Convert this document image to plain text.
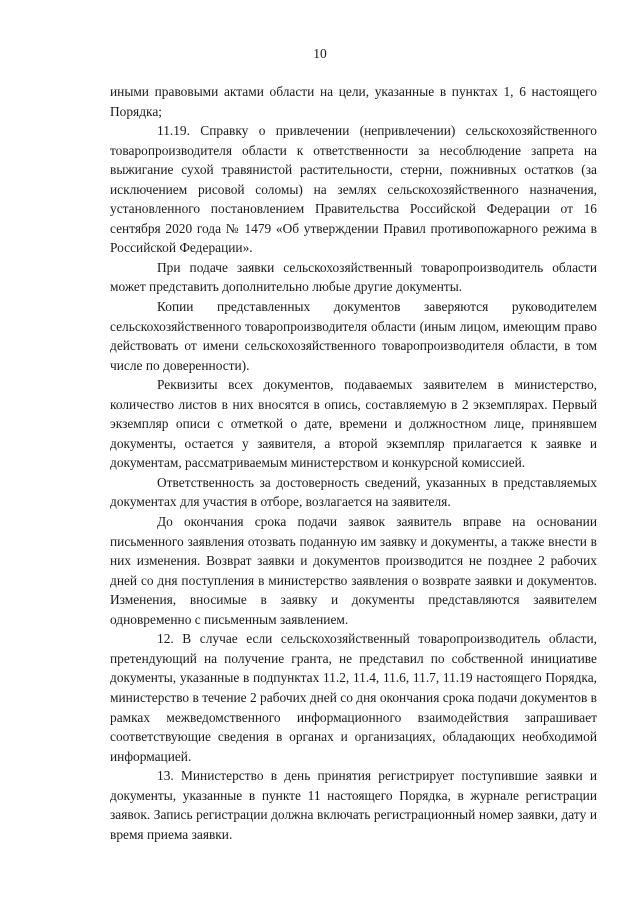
10

иными правовыми актами области на цели, указанные в пунктах 1, 6 настоящего Порядка;

11.19. Справку о привлечении (непривлечении) сельскохозяйственного товаропроизводителя области к ответственности за несоблюдение запрета на выжигание сухой травянистой растительности, стерни, пожнивных остатков (за исключением рисовой соломы) на землях сельскохозяйственного назначения, установленного постановлением Правительства Российской Федерации от 16 сентября 2020 года № 1479 «Об утверждении Правил противопожарного режима в Российской Федерации».

При подаче заявки сельскохозяйственный товаропроизводитель области может представить дополнительно любые другие документы.

Копии представленных документов заверяются руководителем сельскохозяйственного товаропроизводителя области (иным лицом, имеющим право действовать от имени сельскохозяйственного товаропроизводителя области, в том числе по доверенности).

Реквизиты всех документов, подаваемых заявителем в министерство, количество листов в них вносятся в опись, составляемую в 2 экземплярах. Первый экземпляр описи с отметкой о дате, времени и должностном лице, принявшем документы, остается у заявителя, а второй экземпляр прилагается к заявке и документам, рассматриваемым министерством и конкурсной комиссией.

Ответственность за достоверность сведений, указанных в представляемых документах для участия в отборе, возлагается на заявителя.

До окончания срока подачи заявок заявитель вправе на основании письменного заявления отозвать поданную им заявку и документы, а также внести в них изменения. Возврат заявки и документов производится не позднее 2 рабочих дней со дня поступления в министерство заявления о возврате заявки и документов. Изменения, вносимые в заявку и документы представляются заявителем одновременно с письменным заявлением.

12. В случае если сельскохозяйственный товаропроизводитель области, претендующий на получение гранта, не представил по собственной инициативе документы, указанные в подпунктах 11.2, 11.4, 11.6, 11.7, 11.19 настоящего Порядка, министерство в течение 2 рабочих дней со дня окончания срока подачи документов в рамках межведомственного информационного взаимодействия запрашивает соответствующие сведения в органах и организациях, обладающих необходимой информацией.

13. Министерство в день принятия регистрирует поступившие заявки и документы, указанные в пункте 11 настоящего Порядка, в журнале регистрации заявок. Запись регистрации должна включать регистрационный номер заявки, дату и время приема заявки.
